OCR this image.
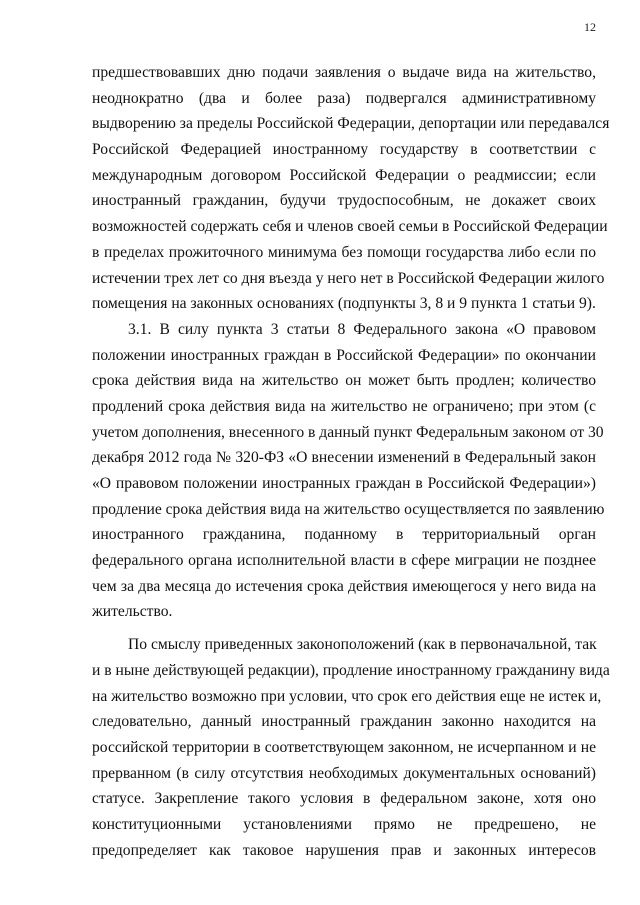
12
предшествовавших дню подачи заявления о выдаче вида на жительство,
неоднократно (два и более раза) подвергался административному
выдворению за пределы Российской Федерации, депортации или передавался
Российской Федерацией иностранному государству в соответствии с
международным договором Российской Федерации о реадмиссии; если
иностранный гражданин, будучи трудоспособным, не докажет своих
возможностей содержать себя и членов своей семьи в Российской Федерации
в пределах прожиточного минимума без помощи государства либо если по
истечении трех лет со дня въезда у него нет в Российской Федерации жилого
помещения на законных основаниях (подпункты 3, 8 и 9 пункта 1 статьи 9).
3.1. В силу пункта 3 статьи 8 Федерального закона «О правовом
положении иностранных граждан в Российской Федерации» по окончании
срока действия вида на жительство он может быть продлен; количество
продлений срока действия вида на жительство не ограничено; при этом (с
учетом дополнения, внесенного в данный пункт Федеральным законом от 30
декабря 2012 года № 320-ФЗ «О внесении изменений в Федеральный закон
«О правовом положении иностранных граждан в Российской Федерации»)
продление срока действия вида на жительство осуществляется по заявлению
иностранного гражданина, поданному в территориальный орган
федерального органа исполнительной власти в сфере миграции не позднее
чем за два месяца до истечения срока действия имеющегося у него вида на
жительство.
По смыслу приведенных законоположений (как в первоначальной, так
и в ныне действующей редакции), продление иностранному гражданину вида
на жительство возможно при условии, что срок его действия еще не истек и,
следовательно, данный иностранный гражданин законно находится на
российской территории в соответствующем законном, не исчерпанном и не
прерванном (в силу отсутствия необходимых документальных оснований)
статусе. Закрепление такого условия в федеральном законе, хотя оно
конституционными установлениями прямо не предрешено, не
предопределяет как таковое нарушения прав и законных интересов
